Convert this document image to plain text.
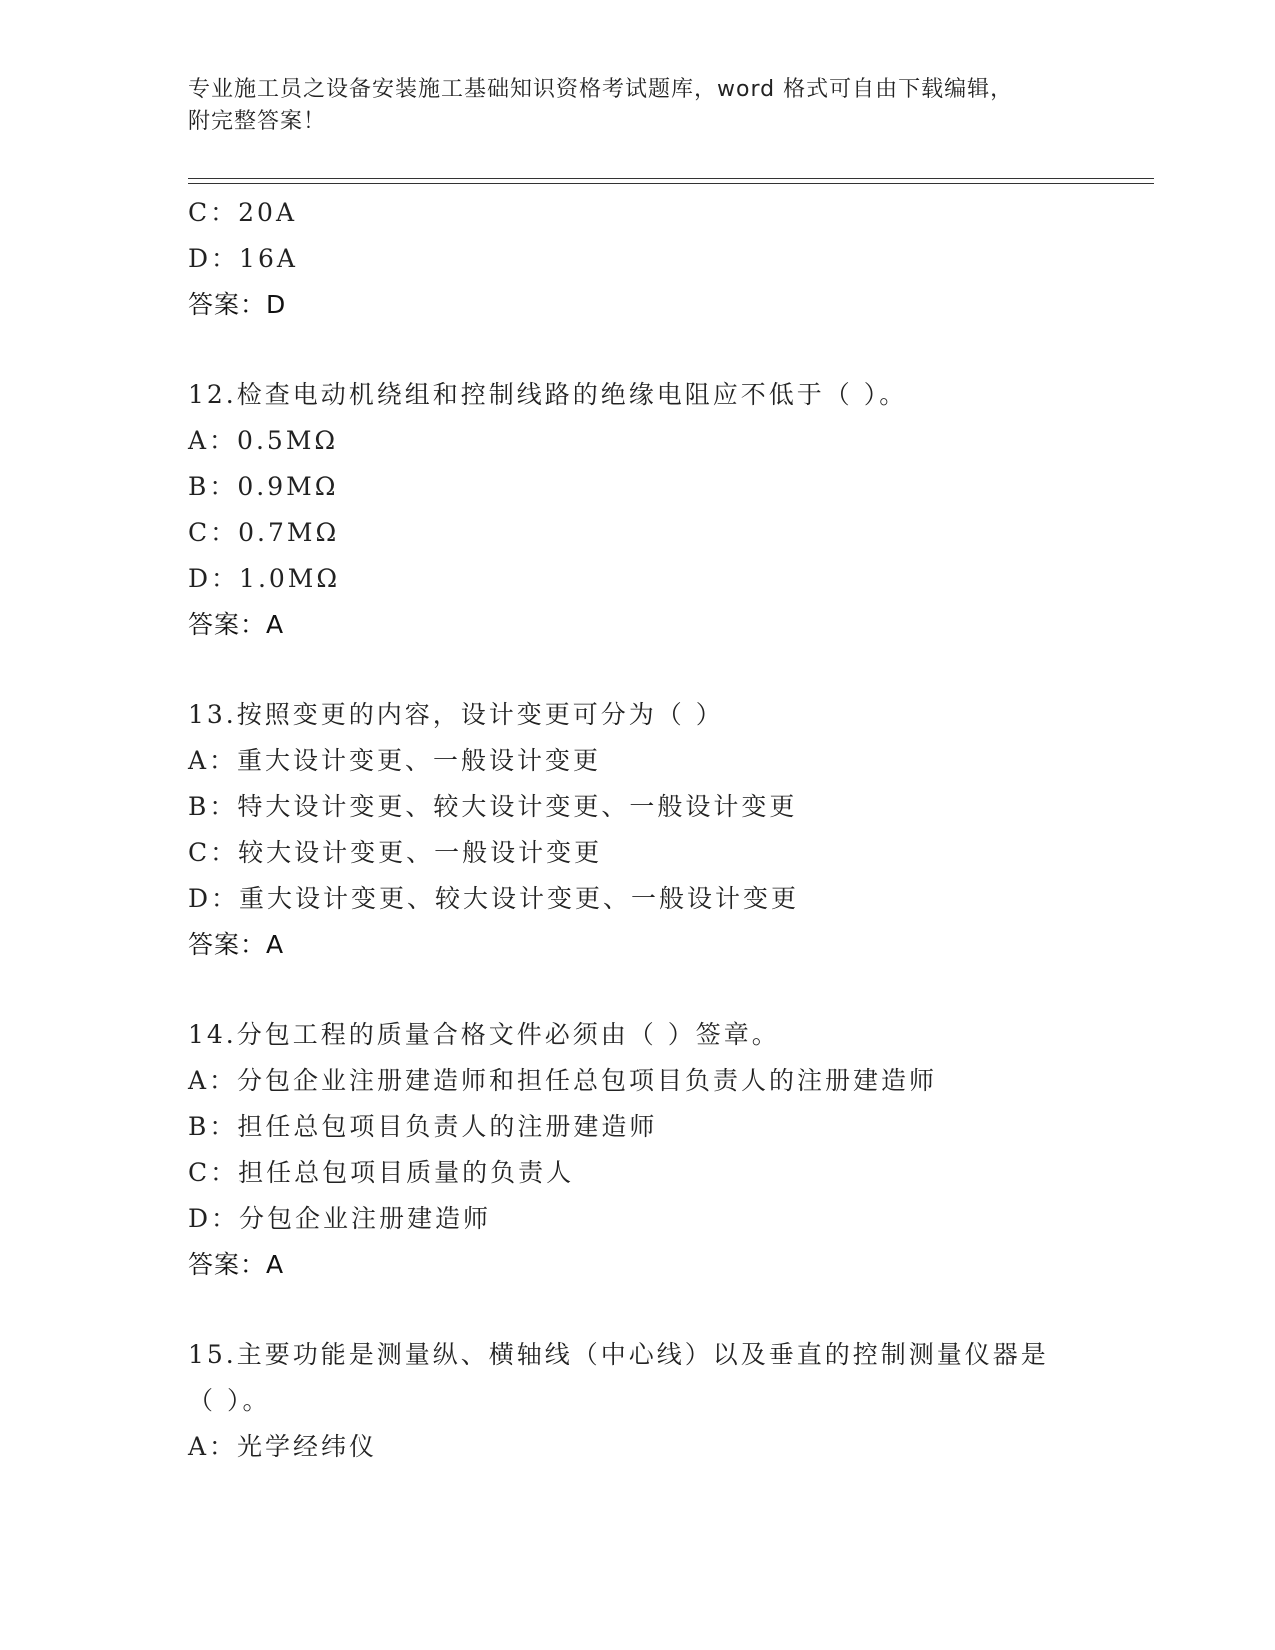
专业施工员之设备安装施工基础知识资格考试题库，word 格式可自由下载编辑，
附完整答案！
C：20A
D：16A
答案：D
12.检查电动机绕组和控制线路的绝缘电阻应不低于（ ）。
A：0.5MΩ
B：0.9MΩ
C：0.7MΩ
D：1.0MΩ
答案：A
13.按照变更的内容，设计变更可分为（ ）
A：重大设计变更、一般设计变更
B：特大设计变更、较大设计变更、一般设计变更
C：较大设计变更、一般设计变更
D：重大设计变更、较大设计变更、一般设计变更
答案：A
14.分包工程的质量合格文件必须由（ ）签章。
A：分包企业注册建造师和担任总包项目负责人的注册建造师
B：担任总包项目负责人的注册建造师
C：担任总包项目质量的负责人
D：分包企业注册建造师
答案：A
15.主要功能是测量纵、横轴线（中心线）以及垂直的控制测量仪器是
（ ）。
A：光学经纬仪
